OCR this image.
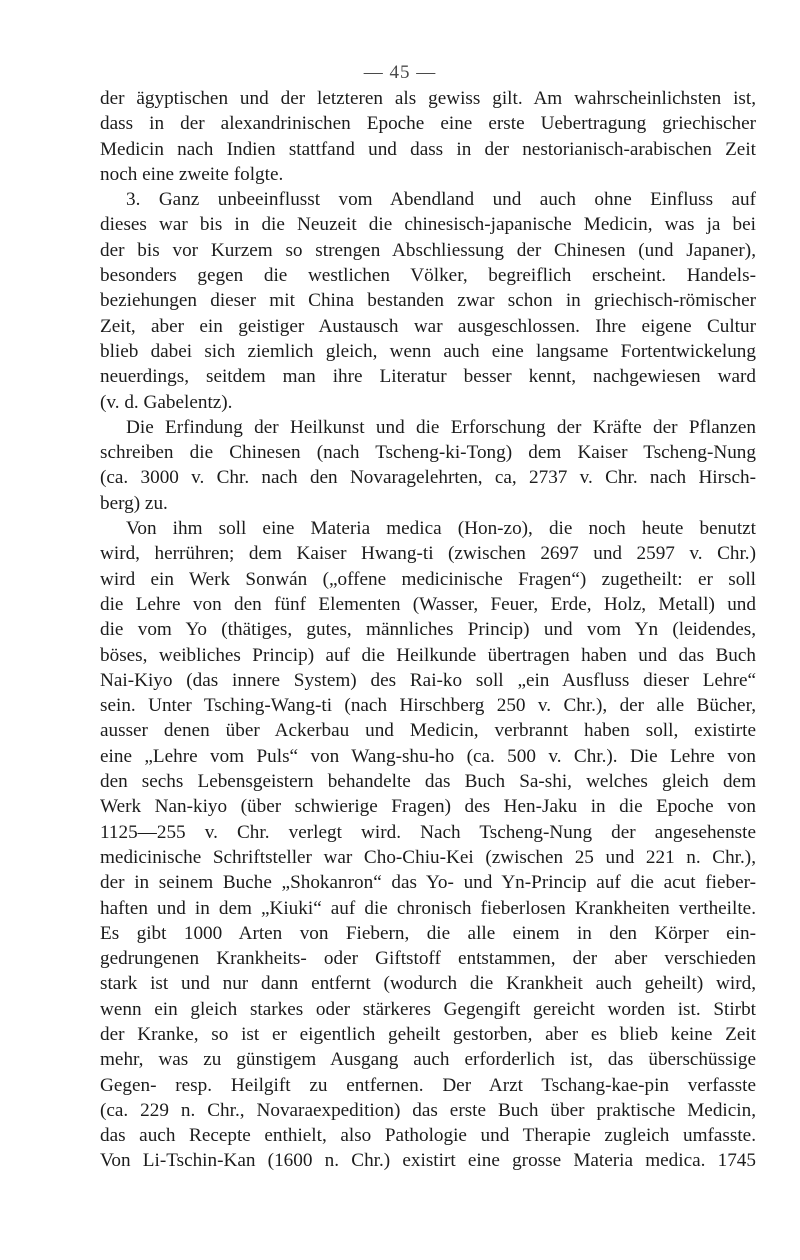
— 45 —
der ägyptischen und der letzteren als gewiss gilt. Am wahrscheinlichsten ist,
dass in der alexandrinischen Epoche eine erste Uebertragung griechischer
Medicin nach Indien stattfand und dass in der nestorianisch-arabischen Zeit
noch eine zweite folgte.
3. Ganz unbeeinflusst vom Abendland und auch ohne Einfluss auf
dieses war bis in die Neuzeit die chinesisch-japanische Medicin, was ja bei
der bis vor Kurzem so strengen Abschliessung der Chinesen (und Japaner),
besonders gegen die westlichen Völker, begreiflich erscheint. Handels-
beziehungen dieser mit China bestanden zwar schon in griechisch-römischer
Zeit, aber ein geistiger Austausch war ausgeschlossen. Ihre eigene Cultur
blieb dabei sich ziemlich gleich, wenn auch eine langsame Fortentwickelung
neuerdings, seitdem man ihre Literatur besser kennt, nachgewiesen ward
(v. d. Gabelentz).
Die Erfindung der Heilkunst und die Erforschung der Kräfte der Pflanzen
schreiben die Chinesen (nach Tscheng-ki-Tong) dem Kaiser Tscheng-Nung
(ca. 3000 v. Chr. nach den Novaragelehrten, ca, 2737 v. Chr. nach Hirsch-
berg) zu.
Von ihm soll eine Materia medica (Hon-zo), die noch heute benutzt
wird, herrühren; dem Kaiser Hwang-ti (zwischen 2697 und 2597 v. Chr.)
wird ein Werk Sonwán („offene medicinische Fragen“) zugetheilt: er soll
die Lehre von den fünf Elementen (Wasser, Feuer, Erde, Holz, Metall) und
die vom Yo (thätiges, gutes, männliches Princip) und vom Yn (leidendes,
böses, weibliches Princip) auf die Heilkunde übertragen haben und das Buch
Nai-Kiyo (das innere System) des Rai-ko soll „ein Ausfluss dieser Lehre“
sein. Unter Tsching-Wang-ti (nach Hirschberg 250 v. Chr.), der alle Bücher,
ausser denen über Ackerbau und Medicin, verbrannt haben soll, existirte
eine „Lehre vom Puls“ von Wang-shu-ho (ca. 500 v. Chr.). Die Lehre von
den sechs Lebensgeistern behandelte das Buch Sa-shi, welches gleich dem
Werk Nan-kiyo (über schwierige Fragen) des Hen-Jaku in die Epoche von
1125—255 v. Chr. verlegt wird. Nach Tscheng-Nung der angesehenste
medicinische Schriftsteller war Cho-Chiu-Kei (zwischen 25 und 221 n. Chr.),
der in seinem Buche „Shokanron“ das Yo- und Yn-Princip auf die acut fieber-
haften und in dem „Kiuki“ auf die chronisch fieberlosen Krankheiten vertheilte.
Es gibt 1000 Arten von Fiebern, die alle einem in den Körper ein-
gedrungenen Krankheits- oder Giftstoff entstammen, der aber verschieden
stark ist und nur dann entfernt (wodurch die Krankheit auch geheilt) wird,
wenn ein gleich starkes oder stärkeres Gegengift gereicht worden ist. Stirbt
der Kranke, so ist er eigentlich geheilt gestorben, aber es blieb keine Zeit
mehr, was zu günstigem Ausgang auch erforderlich ist, das überschüssige
Gegen- resp. Heilgift zu entfernen. Der Arzt Tschang-kae-pin verfasste
(ca. 229 n. Chr., Novaraexpedition) das erste Buch über praktische Medicin,
das auch Recepte enthielt, also Pathologie und Therapie zugleich umfasste.
Von Li-Tschin-Kan (1600 n. Chr.) existirt eine grosse Materia medica. 1745
